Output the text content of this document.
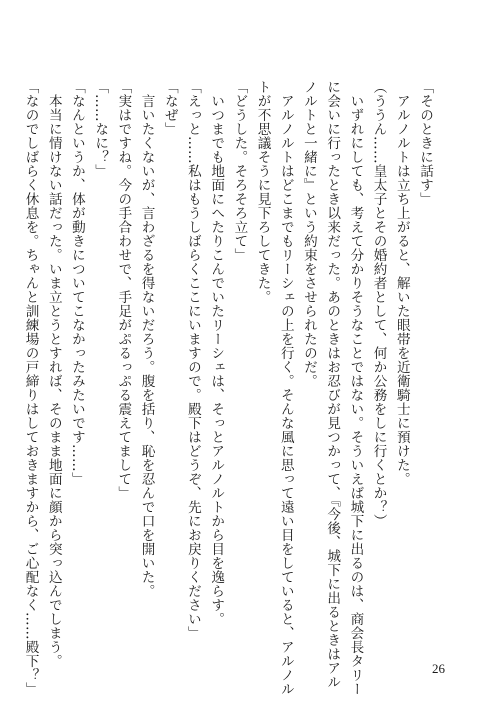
「そのときに話す」
　アルノルトは立ち上がると、解いた眼帯を近衛騎士に預けた。
（ううん……皇太子とその婚約者として、何か公務をしに行くとか？）
　いずれにしても、考えて分かりそうなことではない。そういえば城下に出るのは、商会長タリー
に会いに行ったとき以来だった。あのときはお忍びが見つかって、『今後、城下に出るときはアル
ノルトと一緒に』という約束をさせられたのだ。
　アルノルトはどこまでもリーシェの上を行く。そんな風に思って遠い目をしていると、アルノル
トが不思議そうに見下ろしてきた。
「どうした。そろそろ立て」
　いつまでも地面にへたりこんでいたリーシェは、そっとアルノルトから目を逸らす。
「えっと……私はもうしばらくここにいますので。殿下はどうぞ、先にお戻りください」
「なぜ」
　言いたくないが、言わざるを得ないだろう。腹を括り、恥を忍んで口を開いた。
「実はですね。今の手合わせで、手足がぷるっぷる震えてまして」
「……なに？」
「なんというか、体が動きについてこなかったみたいです……」
　本当に情けない話だった。いま立とうとすれば、そのまま地面に顔から突っ込んでしまう。
「なのでしばらく休息を。ちゃんと訓練場の戸締りはしておきますから、ご心配なく……殿下？」	26
